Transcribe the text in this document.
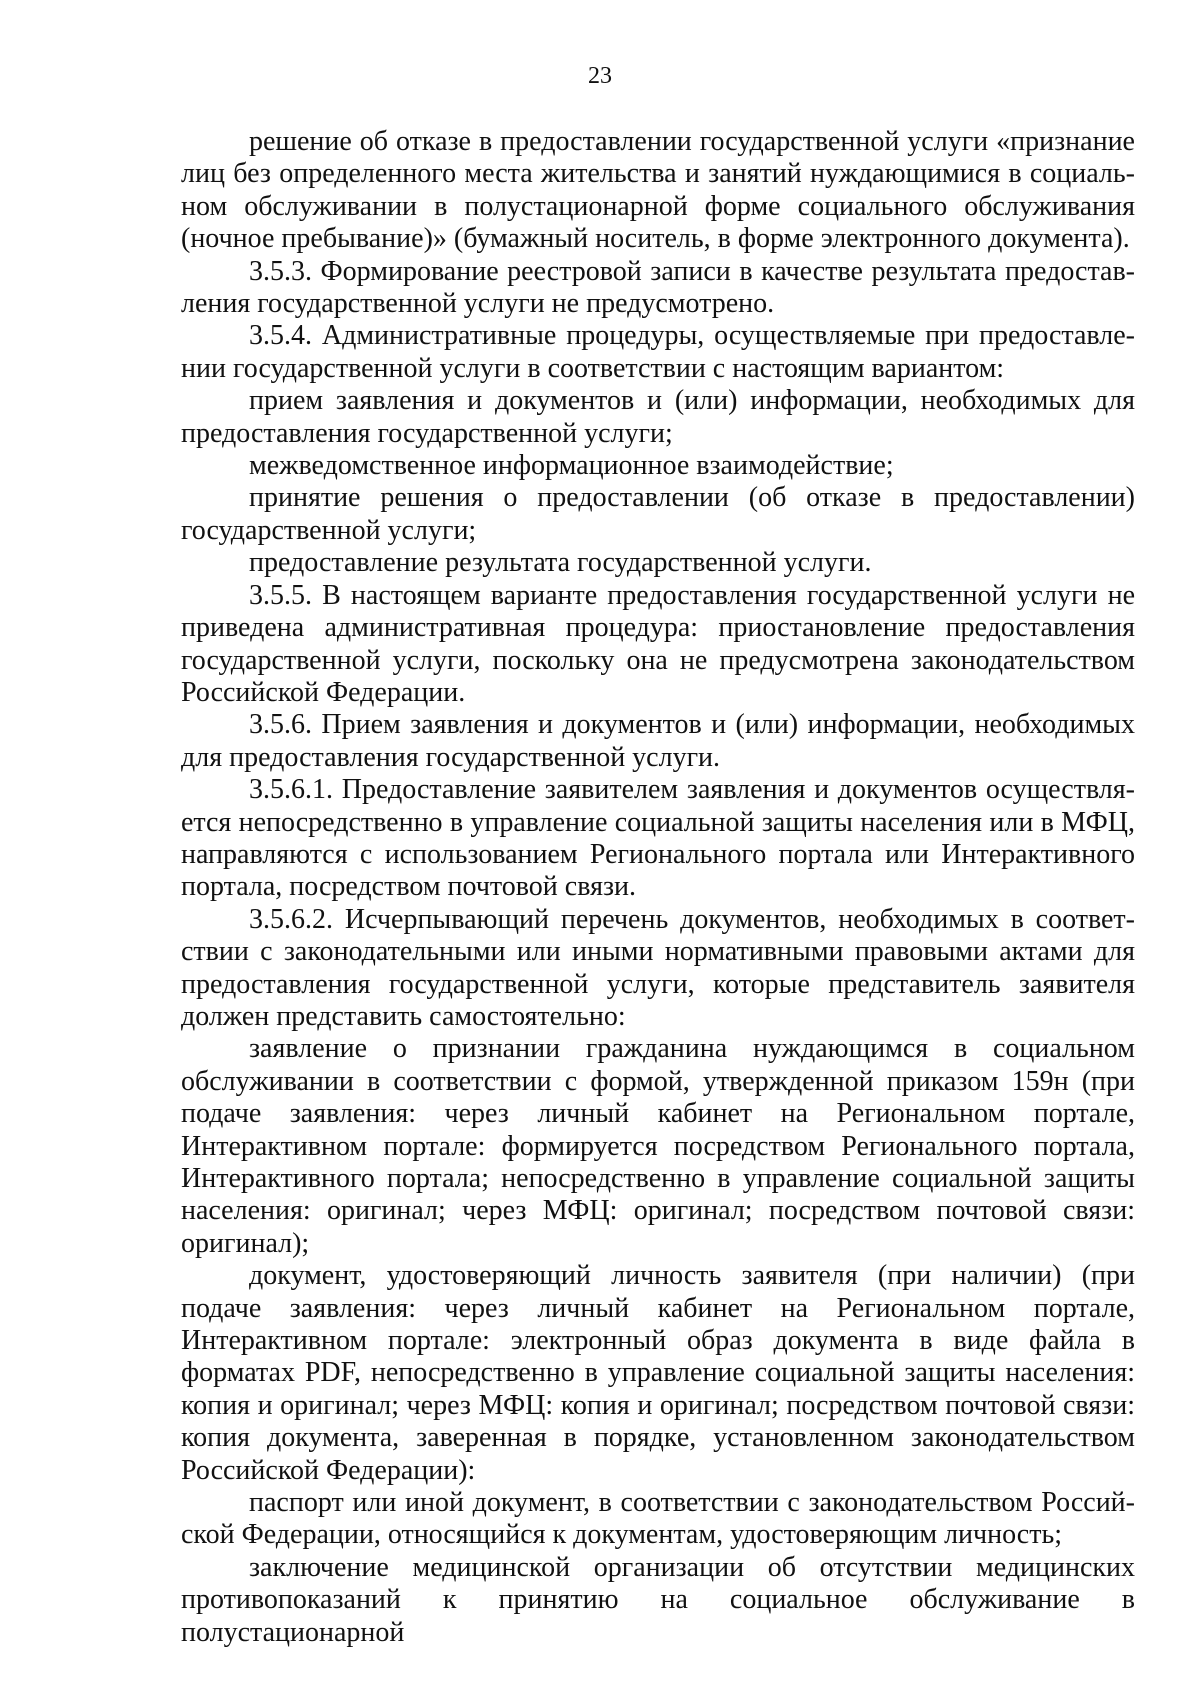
23

решение об отказе в предоставлении государственной услуги «признание лиц без определенного места жительства и занятий нуждающимися в социальном обслуживании в полустационарной форме социального обслуживания (ночное пребывание)» (бумажный носитель, в форме электронного документа).

3.5.3. Формирование реестровой записи в качестве результата предоставления государственной услуги не предусмотрено.

3.5.4. Административные процедуры, осуществляемые при предоставлении государственной услуги в соответствии с настоящим вариантом:

прием заявления и документов и (или) информации, необходимых для предоставления государственной услуги;

межведомственное информационное взаимодействие;

принятие решения о предоставлении (об отказе в предоставлении) государственной услуги;

предоставление результата государственной услуги.

3.5.5. В настоящем варианте предоставления государственной услуги не приведена административная процедура: приостановление предоставления государственной услуги, поскольку она не предусмотрена законодательством Российской Федерации.

3.5.6. Прием заявления и документов и (или) информации, необходимых для предоставления государственной услуги.

3.5.6.1. Предоставление заявителем заявления и документов осуществляется непосредственно в управление социальной защиты населения или в МФЦ, направляются с использованием Регионального портала или Интерактивного портала, посредством почтовой связи.

3.5.6.2. Исчерпывающий перечень документов, необходимых в соответствии с законодательными или иными нормативными правовыми актами для предоставления государственной услуги, которые представитель заявителя должен представить самостоятельно:

заявление о признании гражданина нуждающимся в социальном обслуживании в соответствии с формой, утвержденной приказом 159н (при подаче заявления: через личный кабинет на Региональном портале, Интерактивном портале: формируется посредством Регионального портала, Интерактивного портала; непосредственно в управление социальной защиты населения: оригинал; через МФЦ: оригинал; посредством почтовой связи: оригинал);

документ, удостоверяющий личность заявителя (при наличии) (при подаче заявления: через личный кабинет на Региональном портале, Интерактивном портале: электронный образ документа в виде файла в форматах PDF, непосредственно в управление социальной защиты населения: копия и оригинал; через МФЦ: копия и оригинал; посредством почтовой связи: копия документа, заверенная в порядке, установленном законодательством Российской Федерации):

паспорт или иной документ, в соответствии с законодательством Российской Федерации, относящийся к документам, удостоверяющим личность;

заключение медицинской организации об отсутствии медицинских противопоказаний к принятию на социальное обслуживание в полустационарной
